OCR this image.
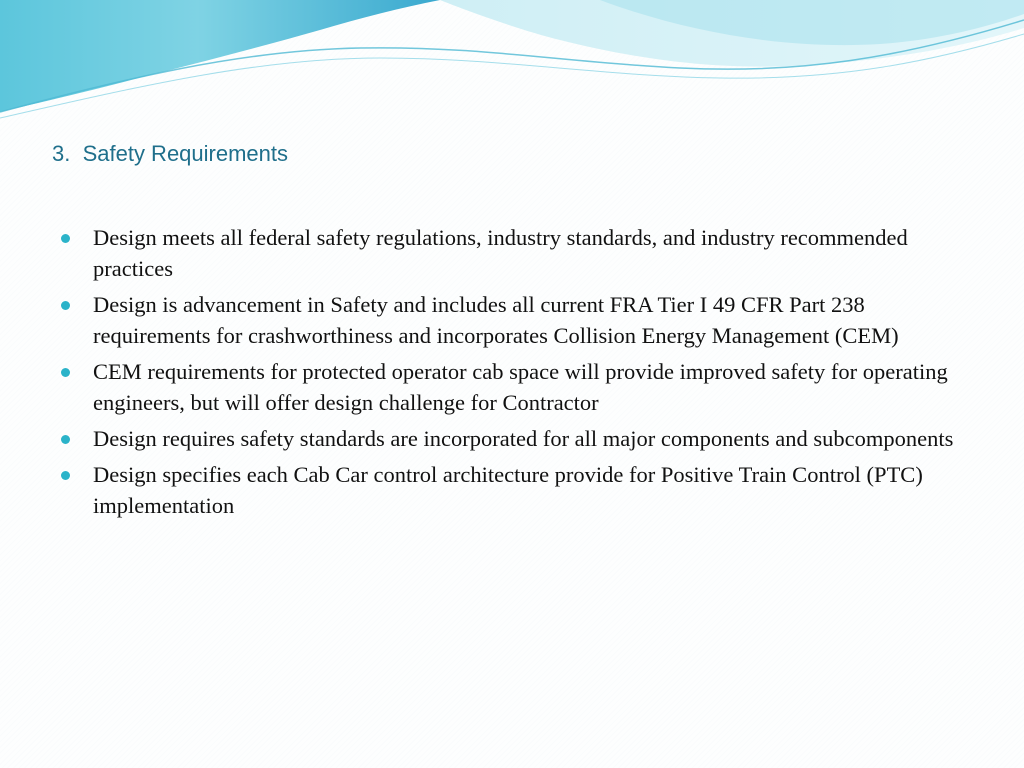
3.  Safety Requirements
Design meets all federal safety regulations, industry standards, and industry recommended practices
Design is advancement in Safety and includes all current FRA Tier I 49 CFR Part 238 requirements for crashworthiness and incorporates Collision Energy Management (CEM)
CEM requirements for protected operator cab space will provide improved safety for operating engineers, but will offer design challenge for Contractor
Design requires safety standards are incorporated for all major components and subcomponents
Design specifies each Cab Car control architecture provide for Positive Train Control (PTC) implementation
